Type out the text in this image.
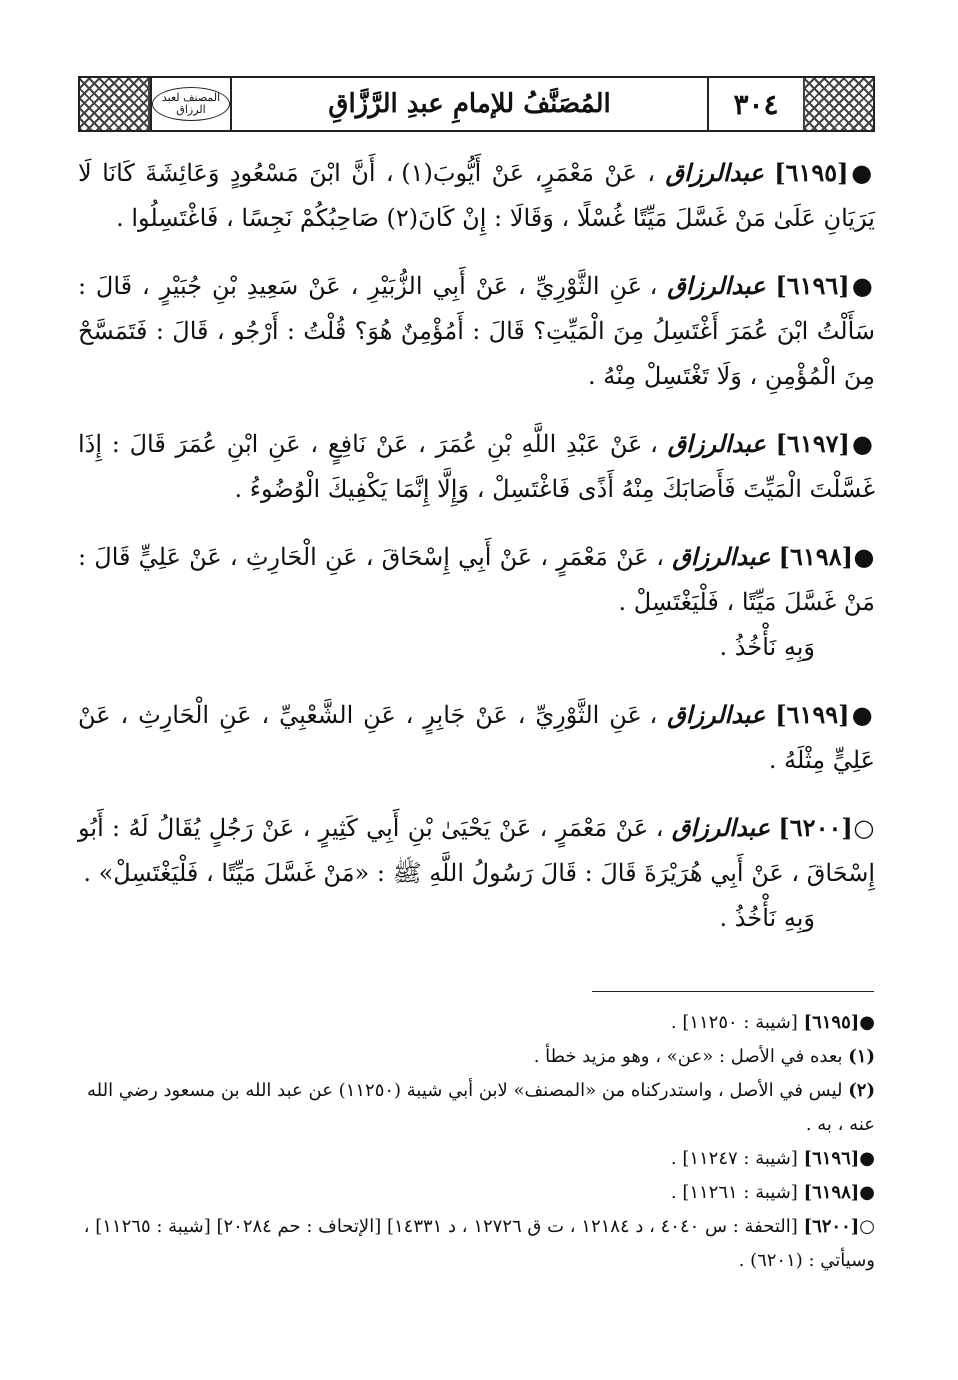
٣٠٤
المُصَنَّفُ للإمامِ عبدِ الرَّزَّاقِ
المصنف لعبد الرزاق

●[٦١٩٥] عبدالرزاق ، عَنْ مَعْمَرٍ، عَنْ أَيُّوبَ(١) ، أَنَّ ابْنَ مَسْعُودٍ وَعَائِشَةَ كَانَا لَا يَرَيَانِ عَلَىٰ مَنْ غَسَّلَ مَيِّتًا غُسْلًا ، وَقَالَا : إِنْ كَانَ(٢) صَاحِبُكُمْ نَجِسًا ، فَاغْتَسِلُوا .

●[٦١٩٦] عبدالرزاق ، عَنِ الثَّوْرِيِّ ، عَنْ أَبِي الزُّبَيْرِ ، عَنْ سَعِيدِ بْنِ جُبَيْرٍ ، قَالَ : سَأَلْتُ ابْنَ عُمَرَ أَغْتَسِلُ مِنَ الْمَيِّتِ؟ قَالَ : أَمُؤْمِنٌ هُوَ؟ قُلْتُ : أَرْجُو ، قَالَ : فَتَمَسَّحْ مِنَ الْمُؤْمِنِ ، وَلَا تَغْتَسِلْ مِنْهُ .

●[٦١٩٧] عبدالرزاق ، عَنْ عَبْدِ اللَّهِ بْنِ عُمَرَ ، عَنْ نَافِعٍ ، عَنِ ابْنِ عُمَرَ قَالَ : إِذَا غَسَّلْتَ الْمَيِّتَ فَأَصَابَكَ مِنْهُ أَذًى فَاغْتَسِلْ ، وَإِلَّا إِنَّمَا يَكْفِيكَ الْوُضُوءُ .

●[٦١٩٨] عبدالرزاق ، عَنْ مَعْمَرٍ ، عَنْ أَبِي إِسْحَاقَ ، عَنِ الْحَارِثِ ، عَنْ عَلِيٍّ قَالَ : مَنْ غَسَّلَ مَيِّتًا ، فَلْيَغْتَسِلْ .
وَبِهِ نَأْخُذُ .

●[٦١٩٩] عبدالرزاق ، عَنِ الثَّوْرِيِّ ، عَنْ جَابِرٍ ، عَنِ الشَّعْبِيِّ ، عَنِ الْحَارِثِ ، عَنْ عَلِيٍّ مِثْلَهُ .

○[٦٢٠٠] عبدالرزاق ، عَنْ مَعْمَرٍ ، عَنْ يَحْيَىٰ بْنِ أَبِي كَثِيرٍ ، عَنْ رَجُلٍ يُقَالُ لَهُ : أَبُو إِسْحَاقَ ، عَنْ أَبِي هُرَيْرَةَ قَالَ : قَالَ رَسُولُ اللَّهِ ﷺ : «مَنْ غَسَّلَ مَيِّتًا ، فَلْيَغْتَسِلْ» .
وَبِهِ نَأْخُذُ .

●[٦١٩٥] [شيبة : ١١٢٥٠] .

(١) بعده في الأصل : «عن» ، وهو مزيد خطأ .

(٢) ليس في الأصل ، واستدركناه من «المصنف» لابن أبي شيبة (١١٢٥٠) عن عبد الله بن مسعود رضي الله عنه ، به .

●[٦١٩٦] [شيبة : ١١٢٤٧] .

●[٦١٩٨] [شيبة : ١١٢٦١] .

○[٦٢٠٠] [التحفة : س ٤٠٤٠ ، د ١٢١٨٤ ، ت ق ١٢٧٢٦ ، د ١٤٣٣١] [الإتحاف : حم ٢٠٢٨٤] [شيبة : ١١٢٦٥] ، وسيأتي : (٦٢٠١) .
